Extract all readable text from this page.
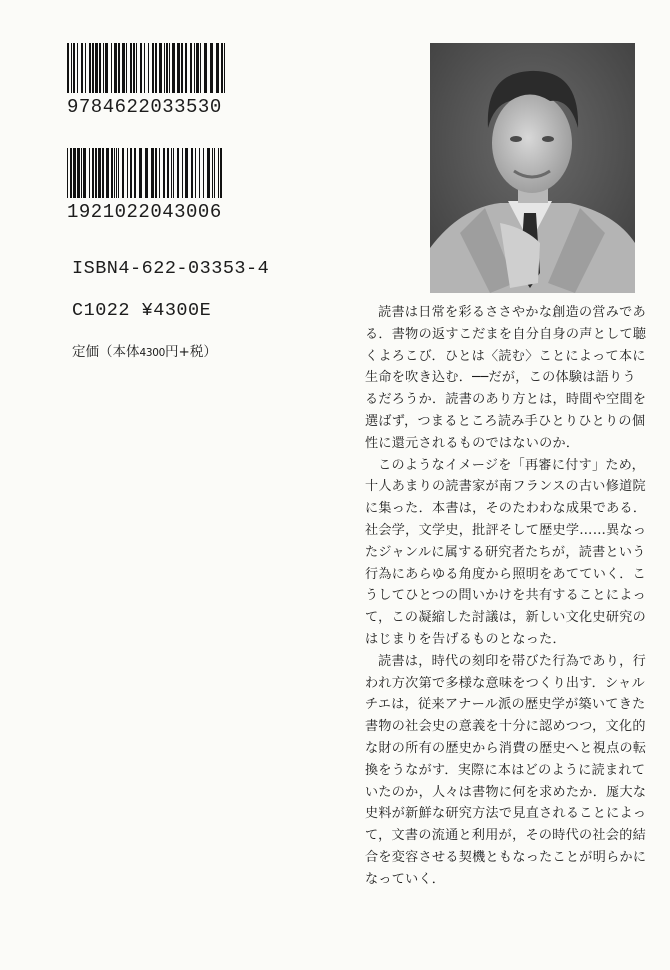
9784622033530
1921022043006
ISBN4-622-03353-4
C1022 ¥4300E
定価（本体4300円+税）

読書は日常を彩るささやかな創造の営みである．書物の返すこだまを自分自身の声として聴くよろこび．ひとは〈読む〉ことによって本に生命を吹き込む．──だが，この体験は語りうるだろうか．読書のあり方とは，時間や空間を選ばず，つまるところ読み手ひとりひとりの個性に還元されるものではないのか．

このようなイメージを「再審に付す」ため，十人あまりの読書家が南フランスの古い修道院に集った．本書は，そのたわわな成果である．社会学，文学史，批評そして歴史学……異なったジャンルに属する研究者たちが，読書という行為にあらゆる角度から照明をあてていく．こうしてひとつの問いかけを共有することによって，この凝縮した討議は，新しい文化史研究のはじまりを告げるものとなった．

読書は，時代の刻印を帯びた行為であり，行われ方次第で多様な意味をつくり出す．シャルチエは，従来アナール派の歴史学が築いてきた書物の社会史の意義を十分に認めつつ，文化的な財の所有の歴史から消費の歴史へと視点の転換をうながす．実際に本はどのように読まれていたのか，人々は書物に何を求めたか．厖大な史料が新鮮な研究方法で見直されることによって，文書の流通と利用が，その時代の社会的結合を変容させる契機ともなったことが明らかになっていく．
